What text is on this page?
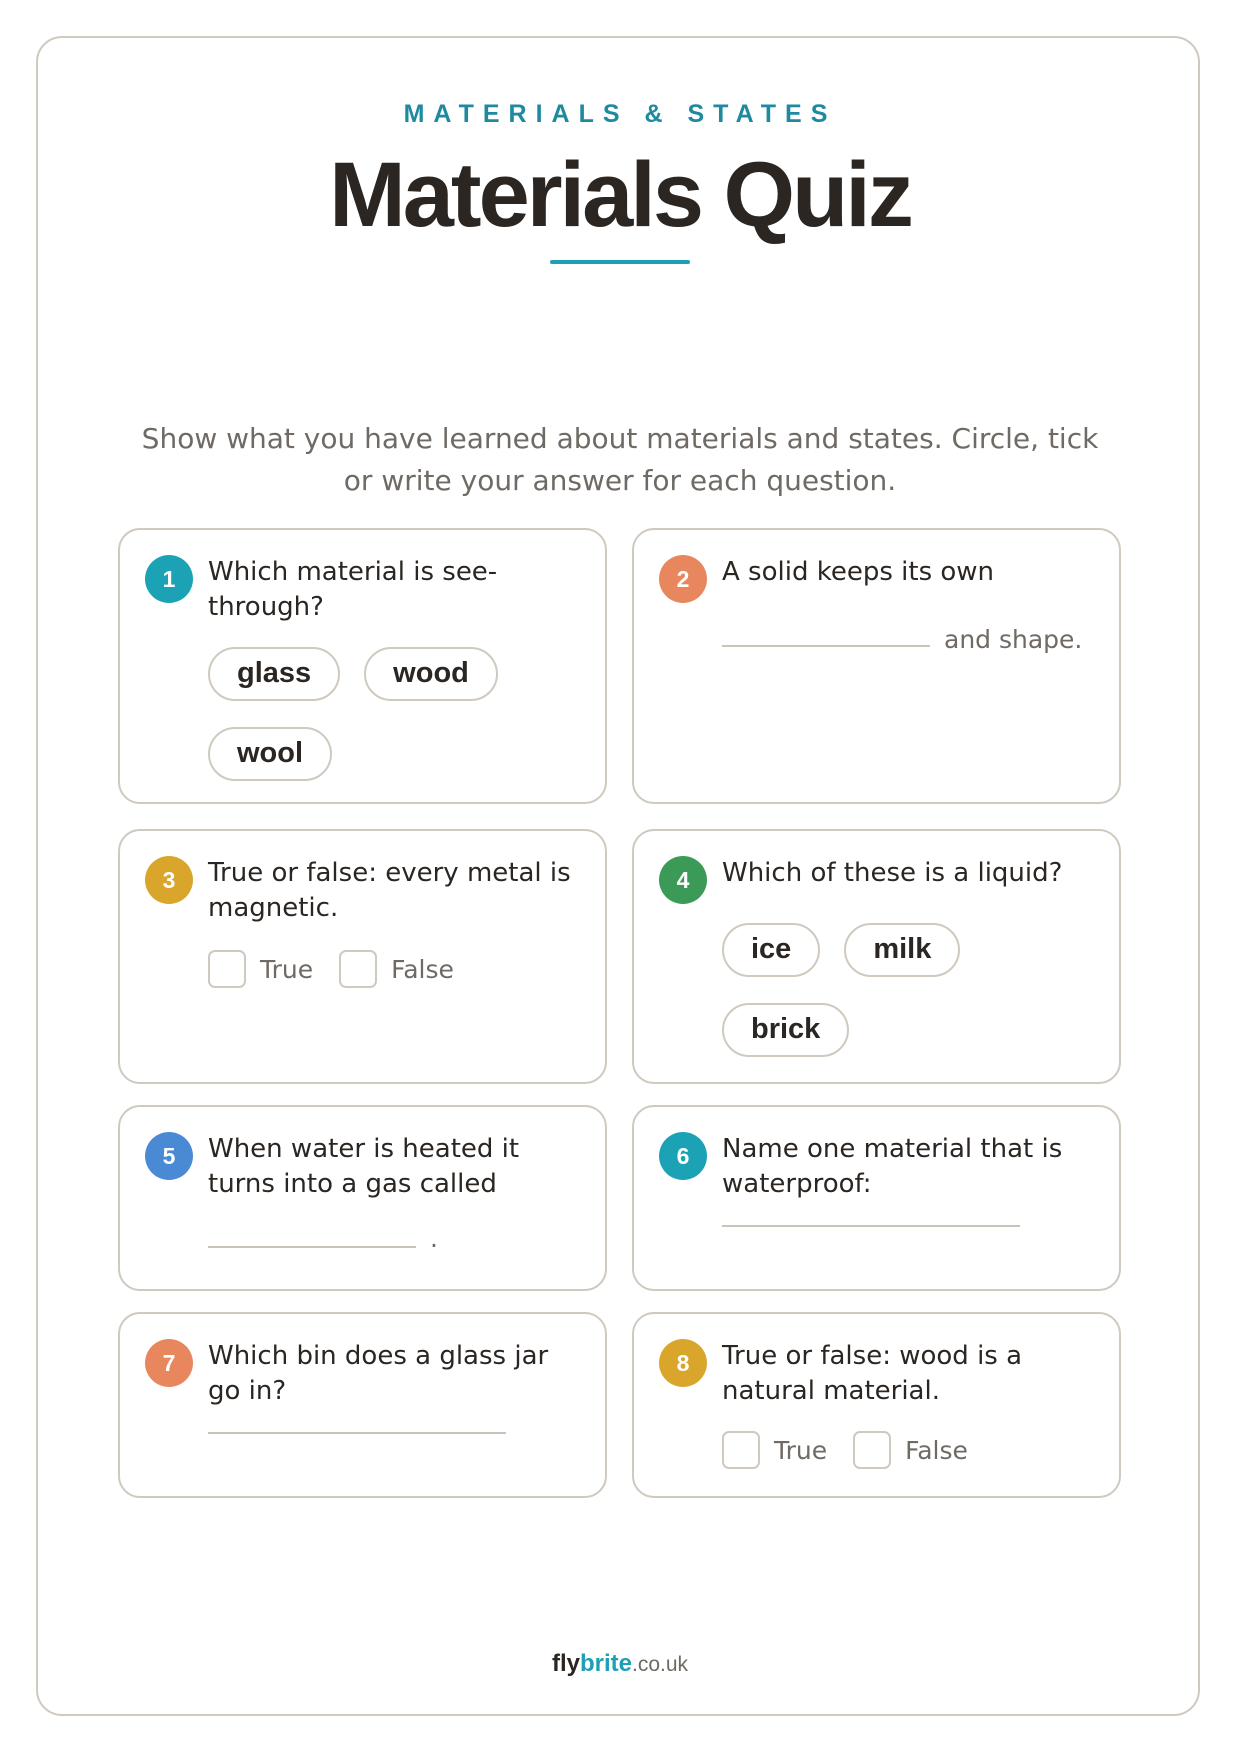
MATERIALS & STATES
Materials Quiz
Show what you have learned about materials and states. Circle, tick or write your answer for each question.
1	Which material is see-through?
glass	woodwool
2	A solid keeps its own
and shape.
3	True or false: every metal is magnetic.
True	False
4	Which of these is a liquid?
ice	milkbrick
5	When water is heated it turns into a gas called
.
6	Name one material that is waterproof:
7	Which bin does a glass jar go in?
8	True or false: wood is a natural material.
True	False
flybrite.co.uk
